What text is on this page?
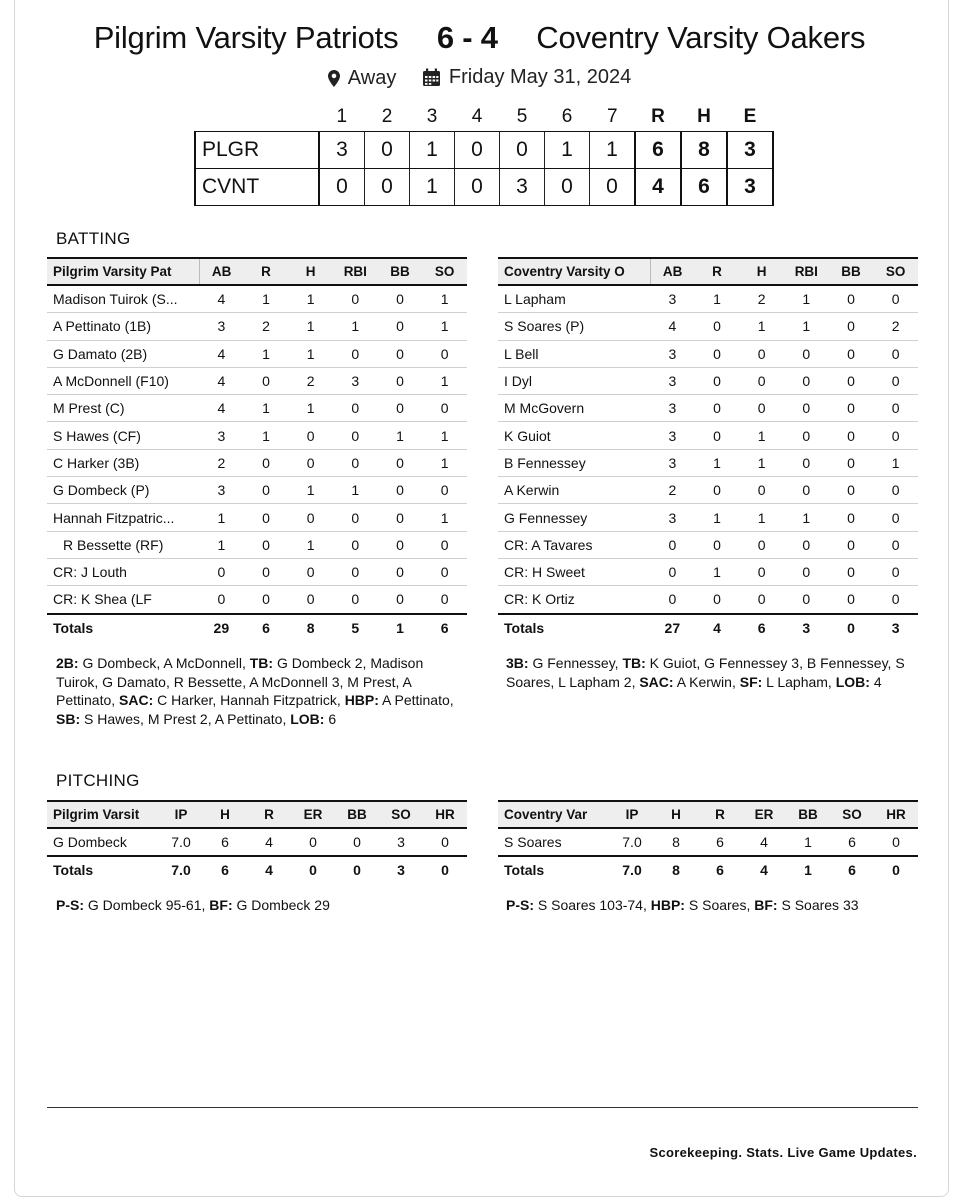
Pilgrim Varsity Patriots 6 - 4 Coventry Varsity Oakers
Away
	Friday May 31, 2024
	1	2	3	4	5	6	7	R	H	E
PLGR	3	0	1	0	0	1	1	6	8	3
CVNT	0	0	1	0	3	0	0	4	6	3
BATTING
Pilgrim Varsity Pat	AB	R	H	RBI	BB	SO
Madison Tuirok (S...	4	1	1	0	0	1
A Pettinato (1B)	3	2	1	1	0	1
G Damato (2B)	4	1	1	0	0	0
A McDonnell (F10)	4	0	2	3	0	1
M Prest (C)	4	1	1	0	0	0
S Hawes (CF)	3	1	0	0	1	1
C Harker (3B)	2	0	0	0	0	1
G Dombeck (P)	3	0	1	1	0	0
Hannah Fitzpatric...	1	0	0	0	0	1
R Bessette (RF)	1	0	1	0	0	0
CR: J Louth	0	0	0	0	0	0
CR: K Shea (LF	0	0	0	0	0	0
Totals	29	6	8	5	1	6
Coventry Varsity O	AB	R	H	RBI	BB	SO
L Lapham	3	1	2	1	0	0
S Soares (P)	4	0	1	1	0	2
L Bell	3	0	0	0	0	0
I Dyl	3	0	0	0	0	0
M McGovern	3	0	0	0	0	0
K Guiot	3	0	1	0	0	0
B Fennessey	3	1	1	0	0	1
A Kerwin	2	0	0	0	0	0
G Fennessey	3	1	1	1	0	0
CR: A Tavares	0	0	0	0	0	0
CR: H Sweet	0	1	0	0	0	0
CR: K Ortiz	0	0	0	0	0	0
Totals	27	4	6	3	0	3
2B: G Dombeck, A McDonnell, TB: G Dombeck 2, Madison Tuirok, G Damato, R Bessette, A McDonnell 3, M Prest, A Pettinato, SAC: C Harker, Hannah Fitzpatrick, HBP: A Pettinato, SB: S Hawes, M Prest 2, A Pettinato, LOB: 6
3B: G Fennessey, TB: K Guiot, G Fennessey 3, B Fennessey, S Soares, L Lapham 2, SAC: A Kerwin, SF: L Lapham, LOB: 4
PITCHING
Pilgrim Varsit	IP	H	R	ER	BB	SO	HR
G Dombeck	7.0	6	4	0	0	3	0
Totals	7.0	6	4	0	0	3	0
Coventry Var	IP	H	R	ER	BB	SO	HR
S Soares	7.0	8	6	4	1	6	0
Totals	7.0	8	6	4	1	6	0
P-S: G Dombeck 95-61, BF: G Dombeck 29	P-S: S Soares 103-74, HBP: S Soares, BF: S Soares 33
Scorekeeping. Stats. Live Game Updates.
